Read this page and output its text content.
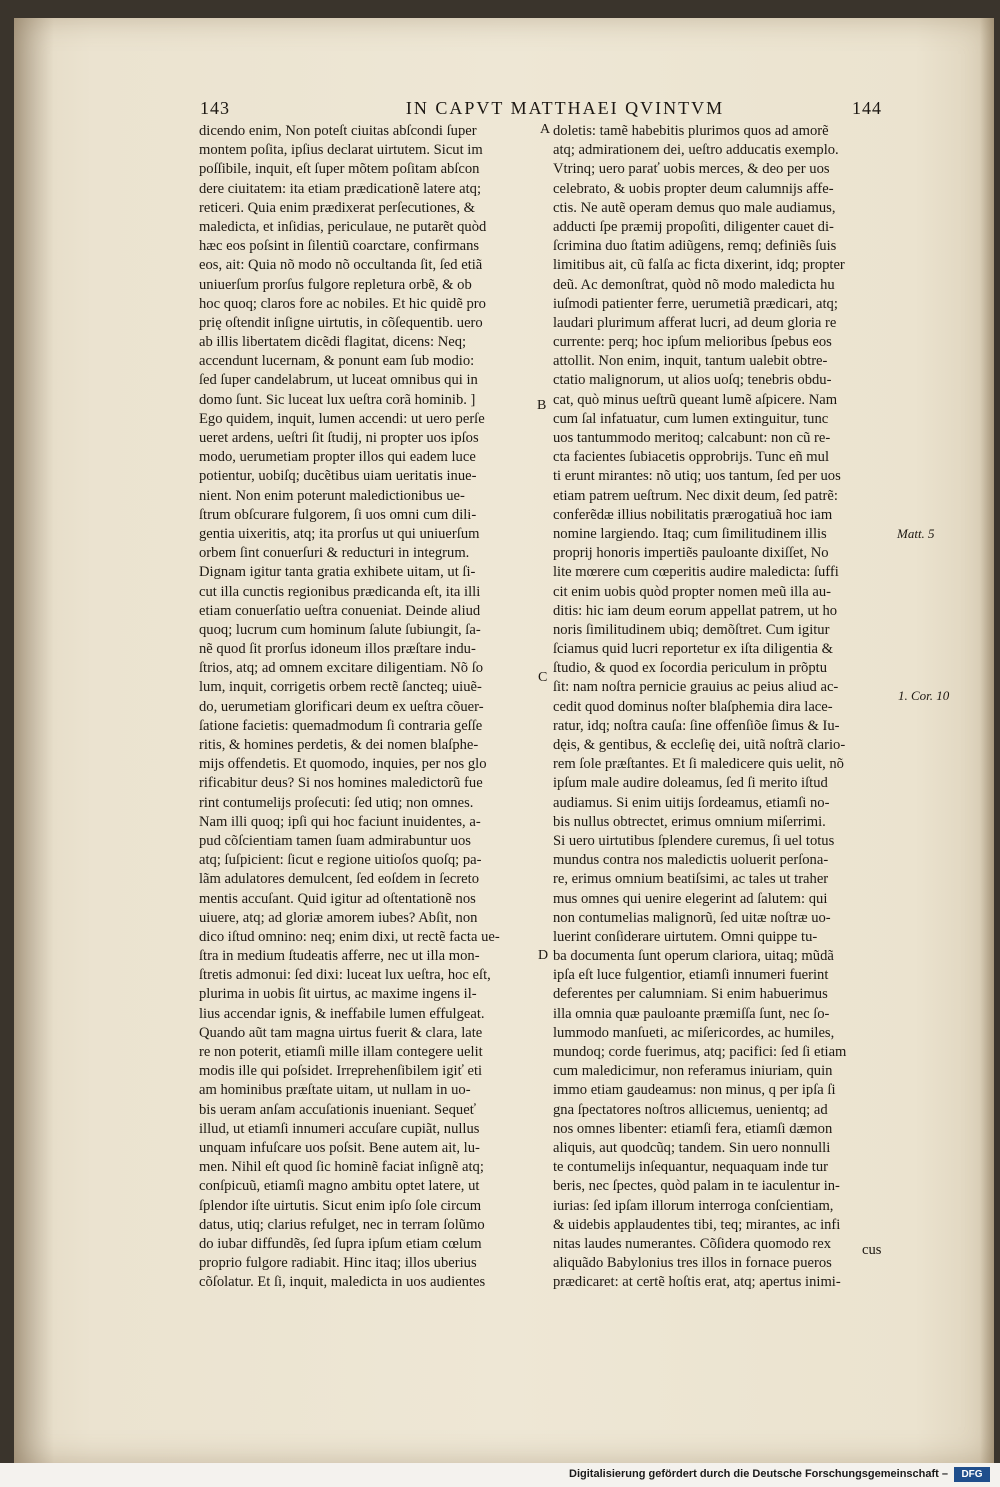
143	IN CAPVT MATTHAEI QVINTVM	144
dicendo enim, Non poteſt ciuitas abſcondi ſuper
montem poſita, ipſius declarat uirtutem. Sicut im
poſſibile, inquit, eſt ſuper mõtem poſitam abſcon
dere ciuitatem: ita etiam prædicationẽ latere atq;
reticeri. Quia enim prædixerat perſecutiones, &
maledicta, et inſidias, periculaue, ne putarẽt quòd
hæc eos poſsint in ſilentiũ coarctare, confirmans
eos, ait: Quia nõ modo nõ occultanda ſit, ſed etiã
uniuerſum prorſus fulgore repletura orbẽ, & ob
hoc quoq; claros fore ac nobiles. Et hic quidẽ pro
prię oſtendit inſigne uirtutis, in cõſequentib. uero
ab illis libertatem dicẽdi flagitat, dicens: Neq;
accendunt lucernam, & ponunt eam ſub modio:
ſed ſuper candelabrum, ut luceat omnibus qui in
domo ſunt. Sic luceat lux ueſtra corã hominib. ]
Ego quidem, inquit, lumen accendi: ut uero perſe
ueret ardens, ueſtri ſit ſtudij, ni propter uos ipſos
modo, uerumetiam propter illos qui eadem luce
potientur, uobiſq; ducẽtibus uiam ueritatis inue-
nient. Non enim poterunt maledictionibus ue-
ſtrum obſcurare fulgorem, ſi uos omni cum dili-
gentia uixeritis, atq; ita prorſus ut qui uniuerſum
orbem ſint conuerſuri & reducturi in integrum.
Dignam igitur tanta gratia exhibete uitam, ut ſi-
cut illa cunctis regionibus prædicanda eſt, ita illi
etiam conuerſatio ueſtra conueniat. Deinde aliud
quoq; lucrum cum hominum ſalute ſubiungit, ſa-
nẽ quod ſit prorſus idoneum illos præſtare indu-
ſtrios, atq; ad omnem excitare diligentiam. Nõ ſo
lum, inquit, corrigetis orbem rectẽ ſancteq; uiuẽ-
do, uerumetiam glorificari deum ex ueſtra cõuer-
ſatione facietis: quemadmodum ſi contraria geſſe
ritis, & homines perdetis, & dei nomen blaſphe-
mijs offendetis. Et quomodo, inquies, per nos glo
rificabitur deus? Si nos homines maledictorũ fue
rint contumelijs proſecuti: ſed utiq; non omnes.
Nam illi quoq; ipſi qui hoc faciunt inuidentes, a-
pud cõſcientiam tamen ſuam admirabuntur uos
atq; ſuſpicient: ſicut e regione uitioſos quoſq; pa-
lãm adulatores demulcent, ſed eoſdem in ſecreto
mentis accuſant. Quid igitur ad oſtentationẽ nos
uiuere, atq; ad gloriæ amorem iubes? Abſit, non
dico iſtud omnino: neq; enim dixi, ut rectẽ facta ue-
ſtra in medium ſtudeatis afferre, nec ut illa mon-
ſtretis admonui: ſed dixi: luceat lux ueſtra, hoc eſt,
plurima in uobis ſit uirtus, ac maxime ingens il-
lius accendar ignis, & ineffabile lumen effulgeat.
Quando aũt tam magna uirtus fuerit & clara, late
re non poterit, etiamſi mille illam contegere uelit
modis ille qui poſsidet. Irreprehenſibilem igiť eti
am hominibus præſtate uitam, ut nullam in uo-
bis ueram anſam accuſationis inueniant. Sequeť
illud, ut etiamſi innumeri accuſare cupiãt, nullus
unquam infuſcare uos poſsit. Bene autem ait, lu-
men. Nihil eſt quod ſic hominẽ faciat inſignẽ atq;
conſpicuũ, etiamſi magno ambitu optet latere, ut
ſplendor iſte uirtutis. Sicut enim ipſo ſole circum
datus, utiq; clarius refulget, nec in terram ſolũmo
do iubar diffundẽs, ſed ſupra ipſum etiam cœlum
proprio fulgore radiabit. Hinc itaq; illos uberius
cõſolatur. Et ſi, inquit, maledicta in uos audientes
doletis: tamẽ habebitis plurimos quos ad amorẽ
atq; admirationem dei, ueſtro adducatis exemplo.
Vtrinq; uero parať uobis merces, & deo per uos
celebrato, & uobis propter deum calumnijs affe-
ctis. Ne autẽ operam demus quo male audiamus,
adducti ſpe præmij propoſiti, diligenter cauet di-
ſcrimina duo ſtatim adiũgens, remq; definiẽs ſuis
limitibus ait, cũ falſa ac ficta dixerint, idq; propter
deũ. Ac demonſtrat, quòd nõ modo maledicta hu
iuſmodi patienter ferre, uerumetiã prædicari, atq;
laudari plurimum afferat lucri, ad deum gloria re
currente: perq; hoc ipſum melioribus ſpebus eos
attollit. Non enim, inquit, tantum ualebit obtre-
ctatio malignorum, ut alios uoſq; tenebris obdu-
cat, quò minus ueſtrũ queant lumẽ aſpicere. Nam
cum ſal infatuatur, cum lumen extinguitur, tunc
uos tantummodo meritoq; calcabunt: non cũ re-
cta facientes ſubiacetis opprobrijs. Tunc eñ mul
ti erunt mirantes: nõ utiq; uos tantum, ſed per uos
etiam patrem ueſtrum. Nec dixit deum, ſed patrẽ:
conferẽdæ illius nobilitatis prærogatiuã hoc iam
nomine largiendo. Itaq; cum ſimilitudinem illis
proprij honoris impertiẽs pauloante dixiſſet, No
lite mœrere cum cœperitis audire maledicta: ſuffi
cit enim uobis quòd propter nomen meũ illa au-
ditis: hic iam deum eorum appellat patrem, ut ho
noris ſimilitudinem ubiq; demõſtret. Cum igitur
ſciamus quid lucri reportetur ex iſta diligentia &
ſtudio, & quod ex ſocordia periculum in prõptu
ſit: nam noſtra pernicie grauius ac peius aliud ac-
cedit quod dominus noſter blaſphemia dira lace-
ratur, idq; noſtra cauſa: ſine offenſiõe ſimus & Iu-
dęis, & gentibus, & eccleſię dei, uitã noſtrã clario-
rem ſole præſtantes. Et ſi maledicere quis uelit, nõ
ipſum male audire doleamus, ſed ſi merito iſtud
audiamus. Si enim uitijs ſordeamus, etiamſi no-
bis nullus obtrectet, erimus omnium miſerrimi.
Si uero uirtutibus ſplendere curemus, ſi uel totus
mundus contra nos maledictis uoluerit perſona-
re, erimus omnium beatiſsimi, ac tales ut traher
mus omnes qui uenire elegerint ad ſalutem: qui
non contumelias malignorũ, ſed uitæ noſtræ uo-
luerint conſiderare uirtutem. Omni quippe tu-
ba documenta ſunt operum clariora, uitaq; mũdã
ipſa eſt luce fulgentior, etiamſi innumeri fuerint
deferentes per calumniam. Si enim habuerimus
illa omnia quæ pauloante præmiſſa ſunt, nec ſo-
lummodo manſueti, ac miſericordes, ac humiles,
mundoq; corde fuerimus, atq; pacifici: ſed ſi etiam
cum maledicimur, non referamus iniuriam, quin
immo etiam gaudeamus: non minus, q per ipſa ſi
gna ſpectatores noſtros allicιemus, uenientq; ad
nos omnes libenter: etiamſi fera, etiamſi dæmon
aliquis, aut quodcũq; tandem. Sin uero nonnulli
te contumelijs inſequantur, nequaquam inde tur
beris, nec ſpectes, quòd palam in te iaculentur in-
iurias: ſed ipſam illorum interroga conſcientiam,
& uidebis applaudentes tibi, teq; mirantes, ac infi
nitas laudes numerantes. Cõſidera quomodo rex
aliquãdo Babylonius tres illos in fornace pueros
prædicaret: at certẽ hoſtis erat, atq; apertus inimi-
A
B
C
D
Matt. 5
1. Cor. 10
cus
Digitalisierung gefördert durch die Deutsche Forschungsgemeinschaft –	DFG
